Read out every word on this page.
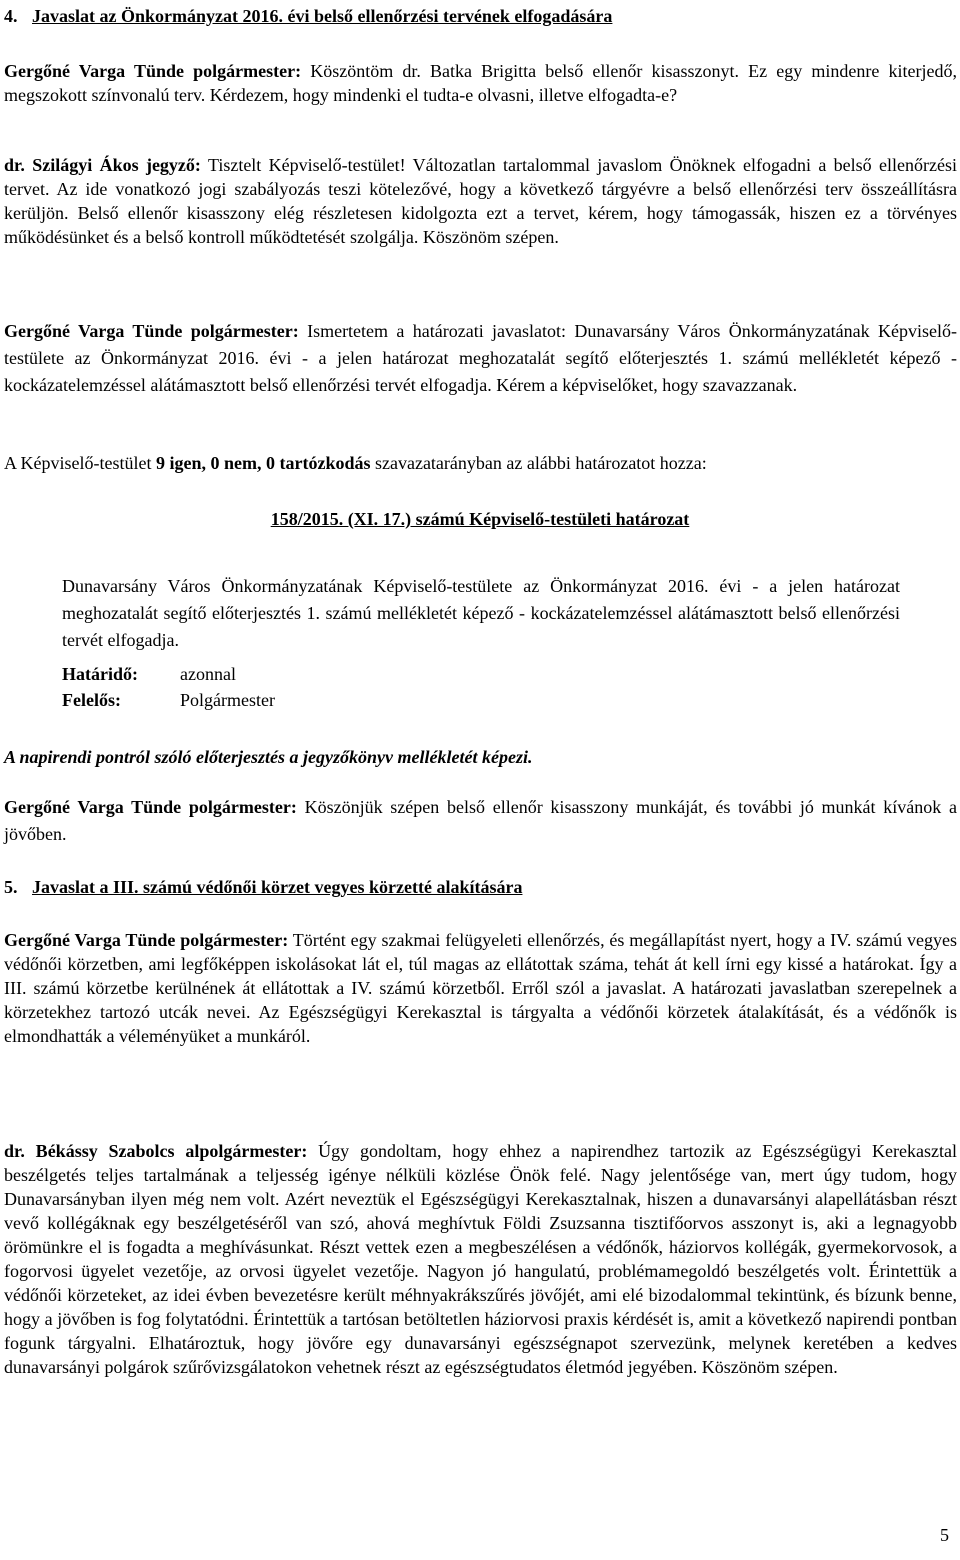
4. Javaslat az Önkormányzat 2016. évi belső ellenőrzési tervének elfogadására

Gergőné Varga Tünde polgármester: Köszöntöm dr. Batka Brigitta belső ellenőr kisasszonyt. Ez egy mindenre kiterjedő, megszokott színvonalú terv. Kérdezem, hogy mindenki el tudta-e olvasni, illetve elfogadta-e?

dr. Szilágyi Ákos jegyző: Tisztelt Képviselő-testület! Változatlan tartalommal javaslom Önöknek elfogadni a belső ellenőrzési tervet. Az ide vonatkozó jogi szabályozás teszi kötelezővé, hogy a következő tárgyévre a belső ellenőrzési terv összeállításra kerüljön. Belső ellenőr kisasszony elég részletesen kidolgozta ezt a tervet, kérem, hogy támogassák, hiszen ez a törvényes működésünket és a belső kontroll működtetését szolgálja. Köszönöm szépen.

Gergőné Varga Tünde polgármester: Ismertetem a határozati javaslatot: Dunavarsány Város Önkormányzatának Képviselő-testülete az Önkormányzat 2016. évi - a jelen határozat meghozatalát segítő előterjesztés 1. számú mellékletét képező - kockázatelemzéssel alátámasztott belső ellenőrzési tervét elfogadja. Kérem a képviselőket, hogy szavazzanak.

A Képviselő-testület 9 igen, 0 nem, 0 tartózkodás szavazatarányban az alábbi határozatot hozza:

158/2015. (XI. 17.) számú Képviselő-testületi határozat

Dunavarsány Város Önkormányzatának Képviselő-testülete az Önkormányzat 2016. évi - a jelen határozat meghozatalát segítő előterjesztés 1. számú mellékletét képező - kockázatelemzéssel alátámasztott belső ellenőrzési tervét elfogadja.

Határidő: azonnal
Felelős:	Polgármester
A napirendi pontról szóló előterjesztés a jegyzőkönyv mellékletét képezi.

Gergőné Varga Tünde polgármester: Köszönjük szépen belső ellenőr kisasszony munkáját, és további jó munkát kívánok a jövőben.

5. Javaslat a III. számú védőnői körzet vegyes körzetté alakítására

Gergőné Varga Tünde polgármester: Történt egy szakmai felügyeleti ellenőrzés, és megállapítást nyert, hogy a IV. számú vegyes védőnői körzetben, ami legfőképpen iskolásokat lát el, túl magas az ellátottak száma, tehát át kell írni egy kissé a határokat. Így a III. számú körzetbe kerülnének át ellátottak a IV. számú körzetből. Erről szól a javaslat. A határozati javaslatban szerepelnek a körzetekhez tartozó utcák nevei. Az Egészségügyi Kerekasztal is tárgyalta a védőnői körzetek átalakítását, és a védőnők is elmondhatták a véleményüket a munkáról.

dr. Békássy Szabolcs alpolgármester: Úgy gondoltam, hogy ehhez a napirendhez tartozik az Egészségügyi Kerekasztal beszélgetés teljes tartalmának a teljesség igénye nélküli közlése Önök felé. Nagy jelentősége van, mert úgy tudom, hogy Dunavarsányban ilyen még nem volt. Azért neveztük el Egészségügyi Kerekasztalnak, hiszen a dunavarsányi alapellátásban részt vevő kollégáknak egy beszélgetéséről van szó, ahová meghívtuk Földi Zsuzsanna tisztifőorvos asszonyt is, aki a legnagyobb örömünkre el is fogadta a meghívásunkat. Részt vettek ezen a megbeszélésen a védőnők, háziorvos kollégák, gyermekorvosok, a fogorvosi ügyelet vezetője, az orvosi ügyelet vezetője. Nagyon jó hangulatú, problémamegoldó beszélgetés volt. Érintettük a védőnői körzeteket, az idei évben bevezetésre került méhnyakrákszűrés jövőjét, ami elé bizodalommal tekintünk, és bízunk benne, hogy a jövőben is fog folytatódni. Érintettük a tartósan betöltetlen háziorvosi praxis kérdését is, amit a következő napirendi pontban fogunk tárgyalni. Elhatároztuk, hogy jövőre egy dunavarsányi egészségnapot szervezünk, melynek keretében a kedves dunavarsányi polgárok szűrővizsgálatokon vehetnek részt az egészségtudatos életmód jegyében. Köszönöm szépen.

5
